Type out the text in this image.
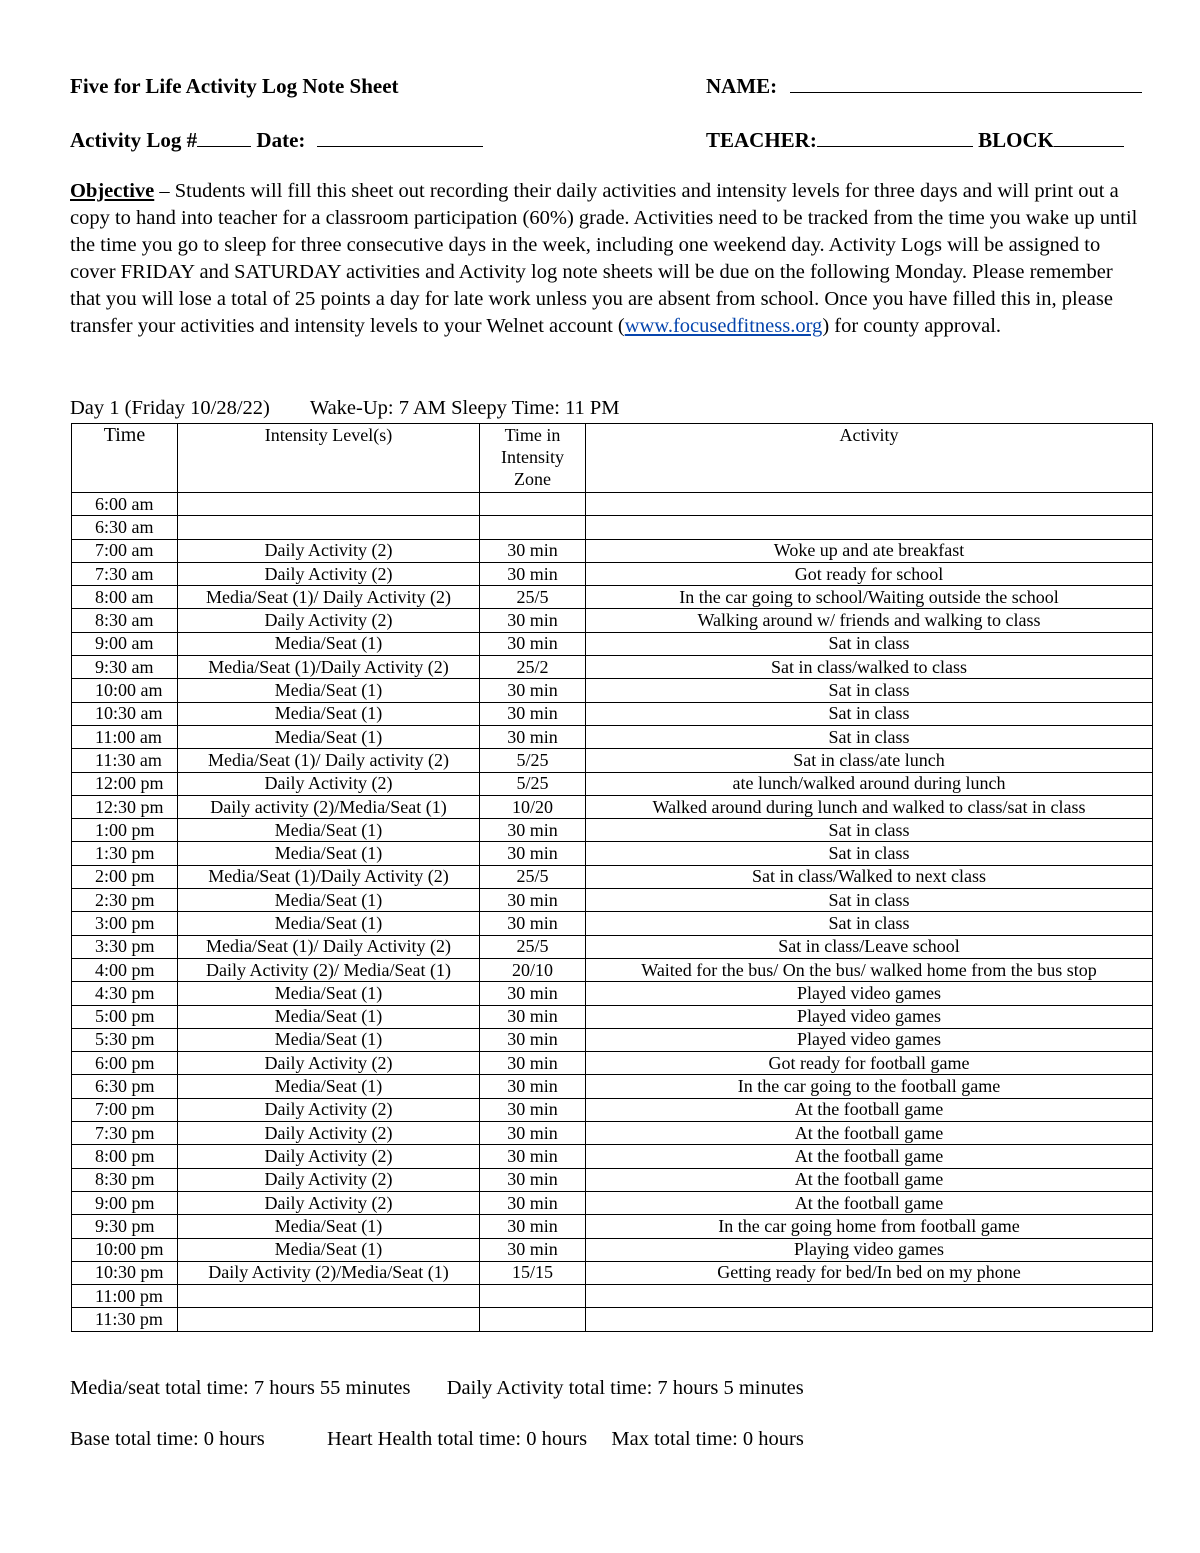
Five for Life Activity Log Note Sheet	NAME:
Activity Log #	Date:	TEACHER:	BLOCK
Objective – Students will fill this sheet out recording their daily activities and intensity levels for three days and will print out a copy to hand into teacher for a classroom participation (60%) grade. Activities need to be tracked from the time you wake up until the time you go to sleep for three consecutive days in the week, including one weekend day. Activity Logs will be assigned to cover FRIDAY and SATURDAY activities and Activity log note sheets will be due on the following Monday. Please remember that you will lose a total of 25 points a day for late work unless you are absent from school. Once you have filled this in, please transfer your activities and intensity levels to your Welnet account (www.focusedfitness.org) for county approval.
Day 1 (Friday 10/28/22) Wake-Up: 7 AM Sleepy Time: 11 PM
Time	Intensity Level(s)	Time in
Intensity
Zone	Activity
6:00 am			
6:30 am			
7:00 am	Daily Activity (2)	30 min	Woke up and ate breakfast
7:30 am	Daily Activity (2)	30 min	Got ready for school
8:00 am	Media/Seat (1)/ Daily Activity (2)	25/5	In the car going to school/Waiting outside the school
8:30 am	Daily Activity (2)	30 min	Walking around w/ friends and walking to class
9:00 am	Media/Seat (1)	30 min	Sat in class
9:30 am	Media/Seat (1)/Daily Activity (2)	25/2	Sat in class/walked to class
10:00 am	Media/Seat (1)	30 min	Sat in class
10:30 am	Media/Seat (1)	30 min	Sat in class
11:00 am	Media/Seat (1)	30 min	Sat in class
11:30 am	Media/Seat (1)/ Daily activity (2)	5/25	Sat in class/ate lunch
12:00 pm	Daily Activity (2)	5/25	ate lunch/walked around during lunch
12:30 pm	Daily activity (2)/Media/Seat (1)	10/20	Walked around during lunch and walked to class/sat in class
1:00 pm	Media/Seat (1)	30 min	Sat in class
1:30 pm	Media/Seat (1)	30 min	Sat in class
2:00 pm	Media/Seat (1)/Daily Activity (2)	25/5	Sat in class/Walked to next class
2:30 pm	Media/Seat (1)	30 min	Sat in class
3:00 pm	Media/Seat (1)	30 min	Sat in class
3:30 pm	Media/Seat (1)/ Daily Activity (2)	25/5	Sat in class/Leave school
4:00 pm	Daily Activity (2)/ Media/Seat (1)	20/10	Waited for the bus/ On the bus/ walked home from the bus stop
4:30 pm	Media/Seat (1)	30 min	Played video games
5:00 pm	Media/Seat (1)	30 min	Played video games
5:30 pm	Media/Seat (1)	30 min	Played video games
6:00 pm	Daily Activity (2)	30 min	Got ready for football game
6:30 pm	Media/Seat (1)	30 min	In the car going to the football game
7:00 pm	Daily Activity (2)	30 min	At the football game
7:30 pm	Daily Activity (2)	30 min	At the football game
8:00 pm	Daily Activity (2)	30 min	At the football game
8:30 pm	Daily Activity (2)	30 min	At the football game
9:00 pm	Daily Activity (2)	30 min	At the football game
9:30 pm	Media/Seat (1)	30 min	In the car going home from football game
10:00 pm	Media/Seat (1)	30 min	Playing video games
10:30 pm	Daily Activity (2)/Media/Seat (1)	15/15	Getting ready for bed/In bed on my phone
11:00 pm			
11:30 pm			
Media/seat total time: 7 hours 55 minutes Daily Activity total time: 7 hours 5 minutes
Base total time: 0 hours	Heart Health total time: 0 hours Max total time: 0 hours
